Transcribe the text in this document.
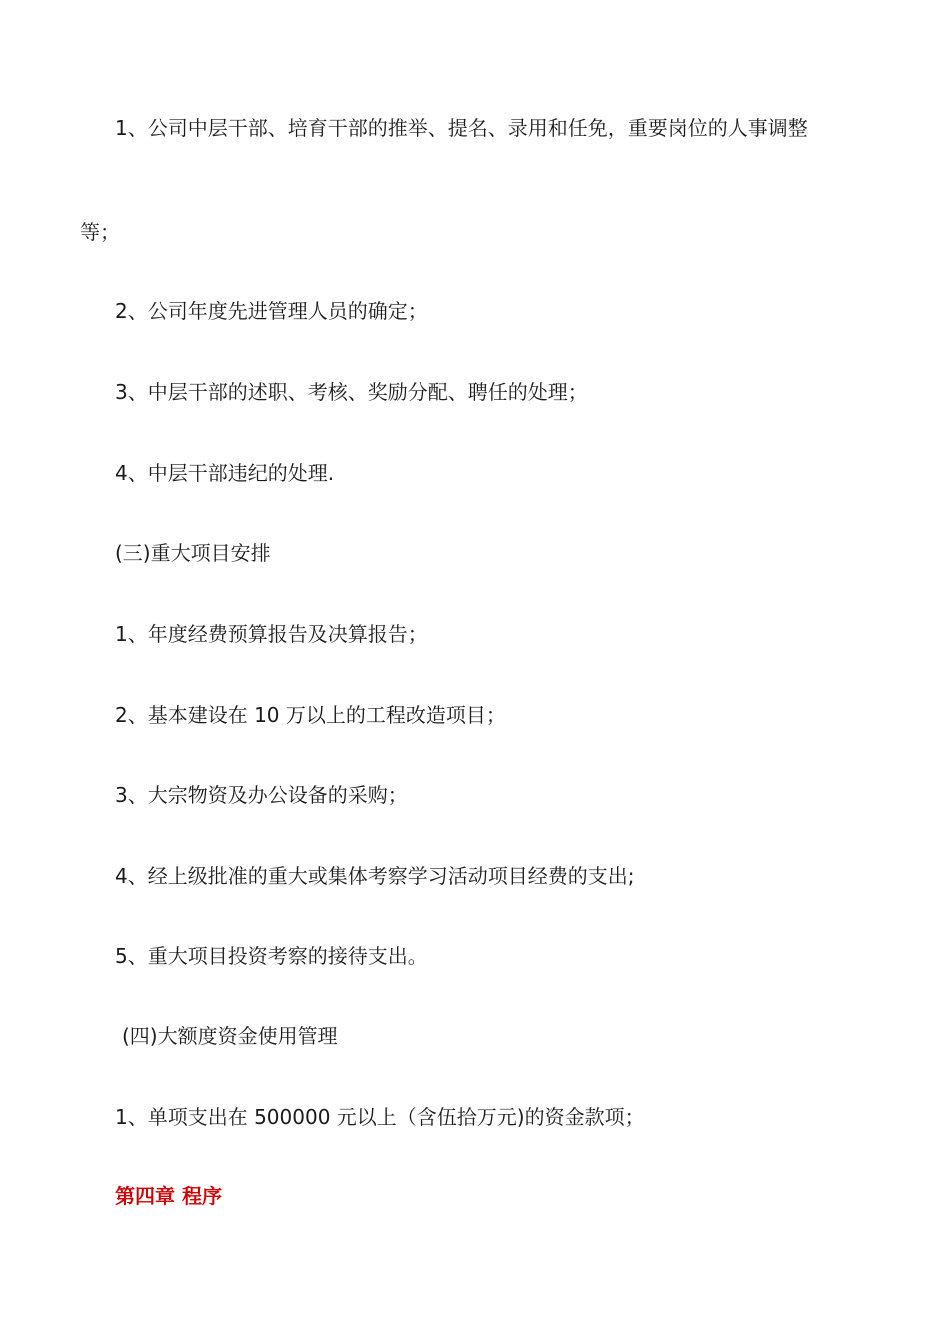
1、公司中层干部、培育干部的推举、提名、录用和任免，重要岗位的人事调整
等；
2、公司年度先进管理人员的确定；
3、中层干部的述职、考核、奖励分配、聘任的处理；
4、中层干部违纪的处理.
(三)重大项目安排
1、年度经费预算报告及决算报告；
2、基本建设在 10 万以上的工程改造项目；
3、大宗物资及办公设备的采购；
4、经上级批准的重大或集体考察学习活动项目经费的支出;
5、重大项目投资考察的接待支出。
(四)大额度资金使用管理
1、单项支出在 500000 元以上（含伍拾万元)的资金款项；
第四章 程序
